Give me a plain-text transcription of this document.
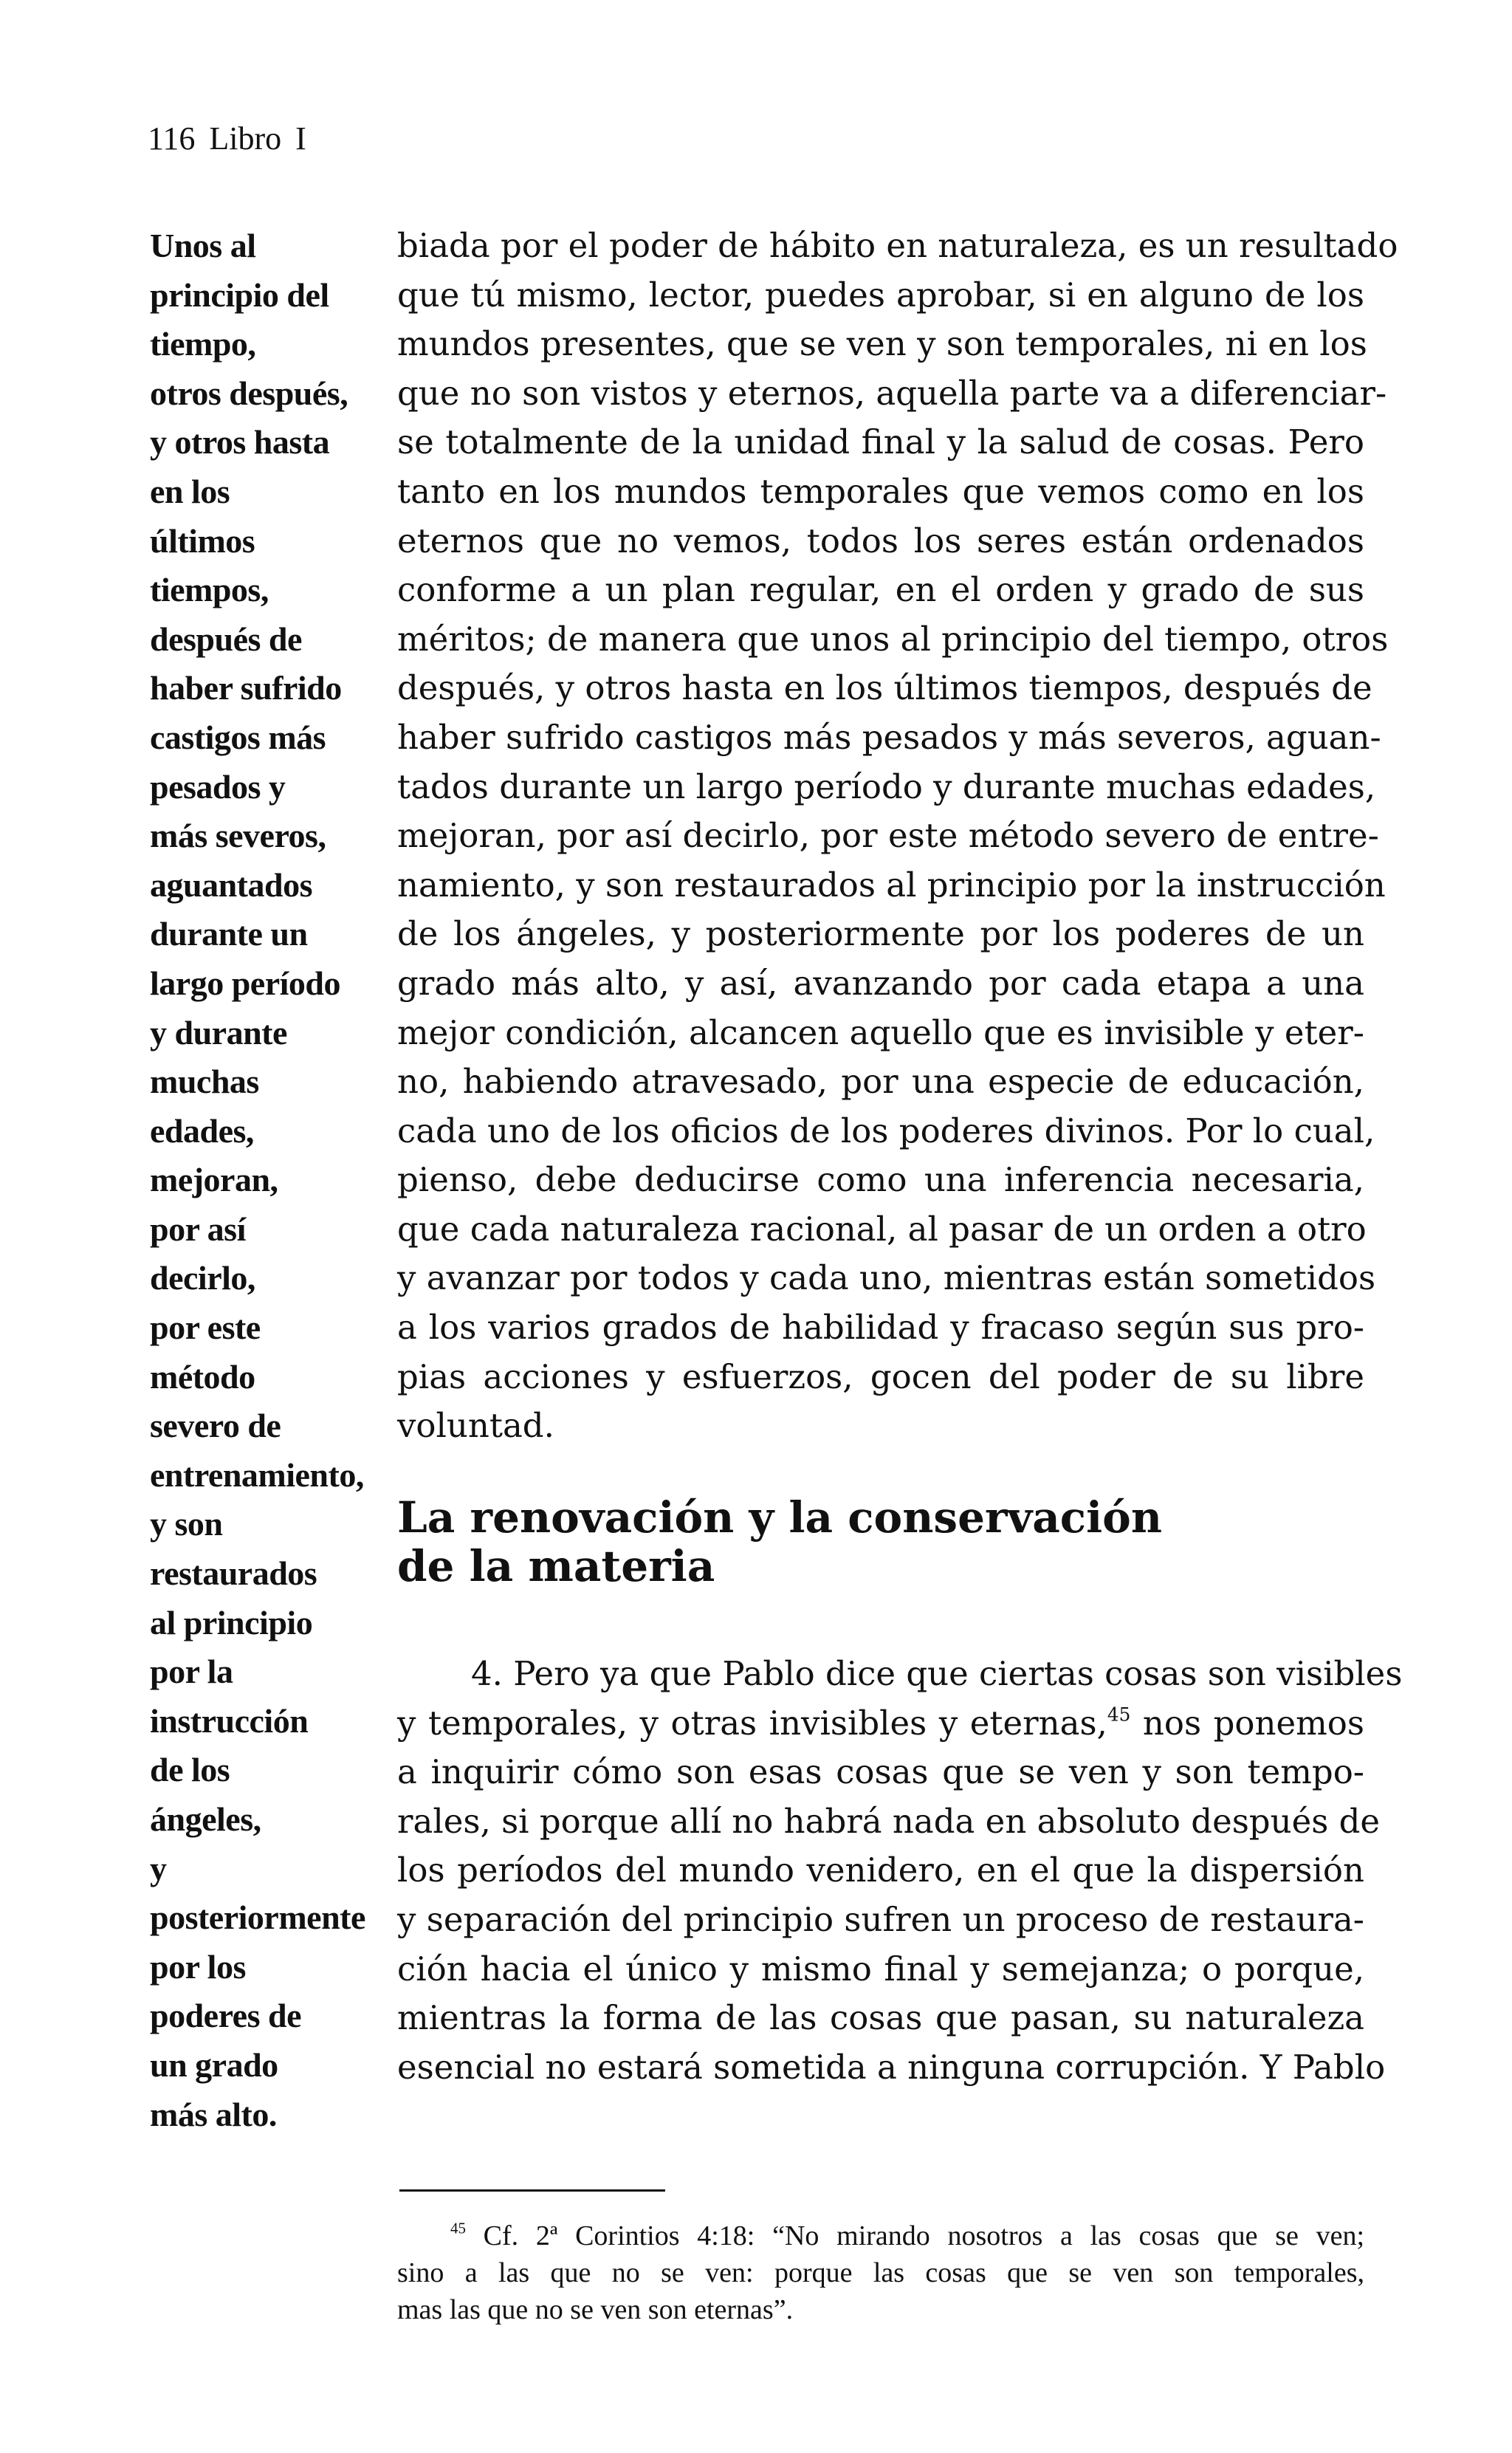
116 Libro I
Unos al
principio del
tiempo,
otros después,
y otros hasta
en los
últimos
tiempos,
después de
haber sufrido
castigos más
pesados y
más severos,
aguantados
durante un
largo período
y durante
muchas
edades,
mejoran,
por así
decirlo,
por este
método
severo de
entrenamiento,
y son
restaurados
al principio
por la
instrucción
de los
ángeles,
y
posteriormente
por los
poderes de
un grado
más alto.
biada por el poder de hábito en naturaleza, es un resultado
que tú mismo, lector, puedes aprobar, si en alguno de los
mundos presentes, que se ven y son temporales, ni en los
que no son vistos y eternos, aquella parte va a diferenciar-
se totalmente de la unidad final y la salud de cosas. Pero
tanto en los mundos temporales que vemos como en los
eternos que no vemos, todos los seres están ordenados
conforme a un plan regular, en el orden y grado de sus
méritos; de manera que unos al principio del tiempo, otros
después, y otros hasta en los últimos tiempos, después de
haber sufrido castigos más pesados y más severos, aguan-
tados durante un largo período y durante muchas edades,
mejoran, por así decirlo, por este método severo de entre-
namiento, y son restaurados al principio por la instrucción
de los ángeles, y posteriormente por los poderes de un
grado más alto, y así, avanzando por cada etapa a una
mejor condición, alcancen aquello que es invisible y eter-
no, habiendo atravesado, por una especie de educación,
cada uno de los oficios de los poderes divinos. Por lo cual,
pienso, debe deducirse como una inferencia necesaria,
que cada naturaleza racional, al pasar de un orden a otro
y avanzar por todos y cada uno, mientras están sometidos
a los varios grados de habilidad y fracaso según sus pro-
pias acciones y esfuerzos, gocen del poder de su libre
voluntad.
La renovación y la conservación
de la materia
4. Pero ya que Pablo dice que ciertas cosas son visibles
y temporales, y otras invisibles y eternas,$^{45}$ nos ponemos
a inquirir cómo son esas cosas que se ven y son tempo-
rales, si porque allí no habrá nada en absoluto después de
los períodos del mundo venidero, en el que la dispersión
y separación del principio sufren un proceso de restaura-
ción hacia el único y mismo final y semejanza; o porque,
mientras la forma de las cosas que pasan, su naturaleza
esencial no estará sometida a ninguna corrupción. Y Pablo
$^{45}$ Cf. 2ª Corintios 4:18: “No mirando nosotros a las cosas que se ven;
sino a las que no se ven: porque las cosas que se ven son temporales,
mas las que no se ven son eternas”.
